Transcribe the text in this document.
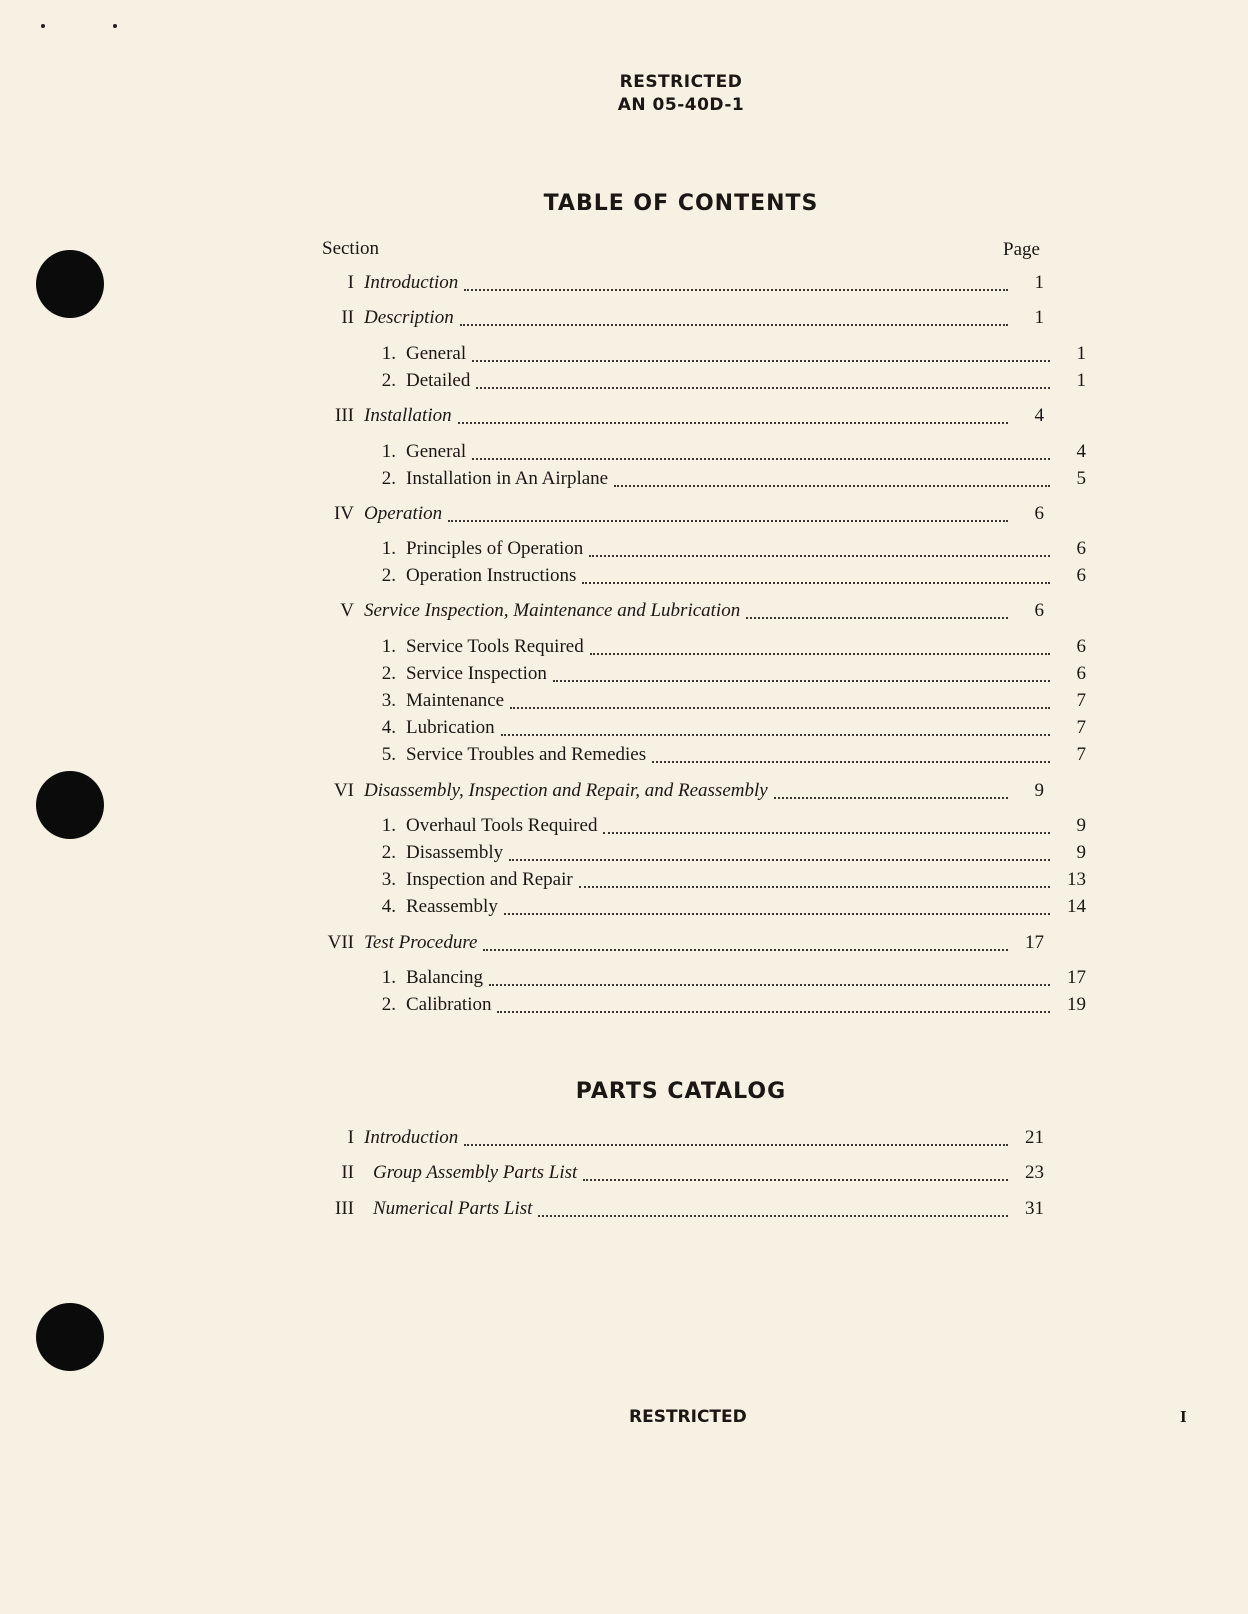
RESTRICTED
AN 05-40D-1
TABLE OF CONTENTS
Section	Page
I Introduction	1
II Description	1
1. General	1
2. Detailed	1
III Installation	4
1. General	4
2. Installation in An Airplane	5
IV Operation	6
1. Principles of Operation	6
2. Operation Instructions	6
V Service Inspection, Maintenance and Lubrication	6
1. Service Tools Required	6
2. Service Inspection	6
3. Maintenance	7
4. Lubrication	7
5. Service Troubles and Remedies	7
VI Disassembly, Inspection and Repair, and Reassembly	9
1. Overhaul Tools Required	9
2. Disassembly	9
3. Inspection and Repair	13
4. Reassembly	14
VII Test Procedure	17
1. Balancing	17
2. Calibration	19
PARTS CATALOG
I Introduction	21
II	Group Assembly Parts List	23
III	Numerical Parts List	31
RESTRICTED	I
